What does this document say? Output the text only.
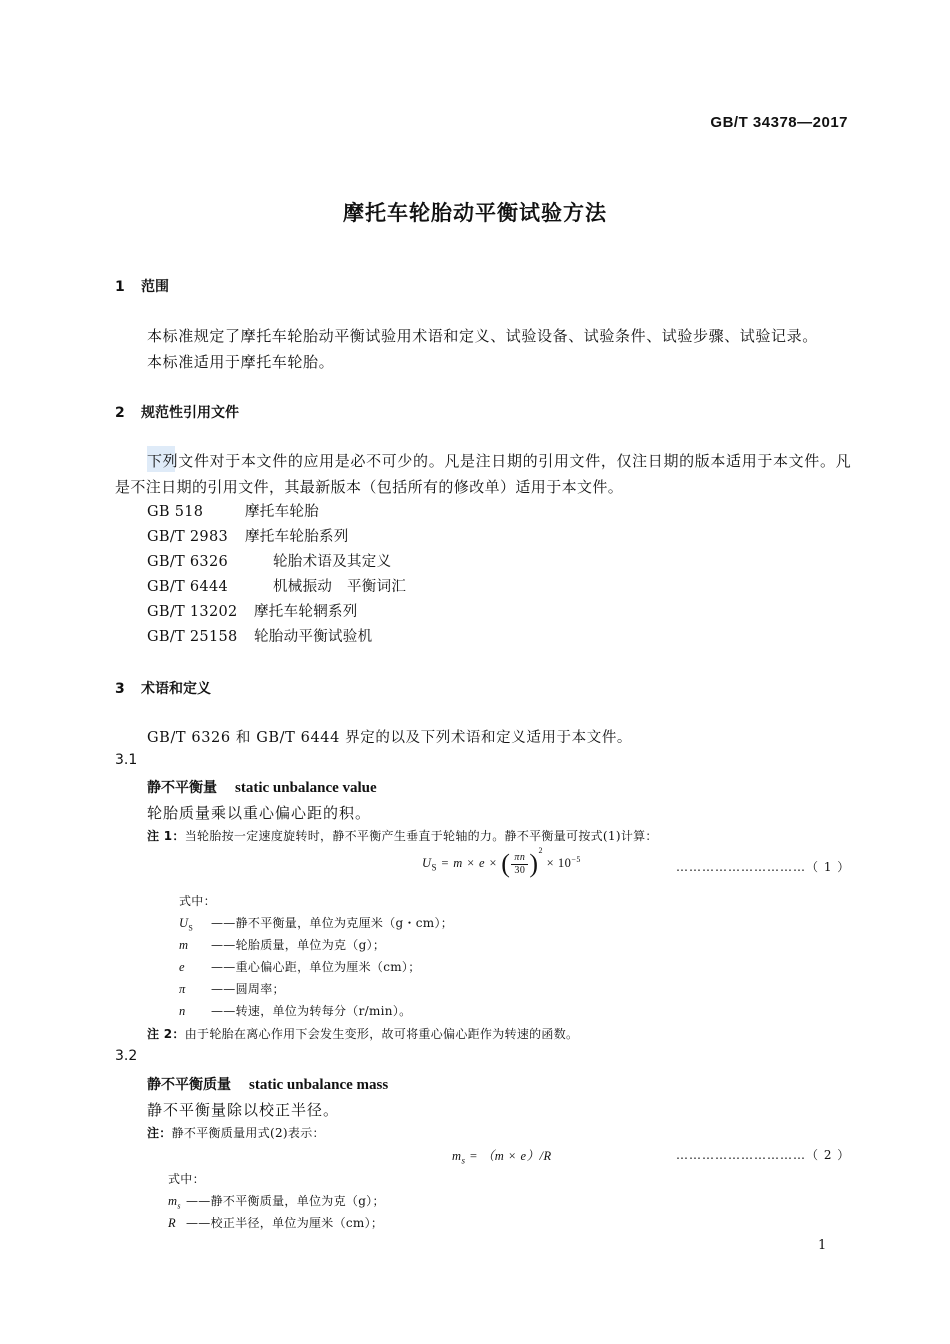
GB/T 34378—2017
摩托车轮胎动平衡试验方法
1 范围
本标准规定了摩托车轮胎动平衡试验用术语和定义、试验设备、试验条件、试验步骤、试验记录。
本标准适用于摩托车轮胎。
2 规范性引用文件
下列文件对于本文件的应用是必不可少的。凡是注日期的引用文件，仅注日期的版本适用于本文件。凡是不注日期的引用文件，其最新版本（包括所有的修改单）适用于本文件。
GB 518	摩托车轮胎
GB/T 2983 摩托车轮胎系列
GB/T 6326	轮胎术语及其定义
GB/T 6444	机械振动　平衡词汇
GB/T 13202 摩托车轮辋系列
GB/T 25158 轮胎动平衡试验机
3 术语和定义
GB/T 6326 和 GB/T 6444 界定的以及下列术语和定义适用于本文件。
3.1
静不平衡量 static unbalance value
轮胎质量乘以重心偏心距的积。
注 1：当轮胎按一定速度旋转时，静不平衡产生垂直于轮轴的力。静不平衡量可按式(1)计算：
$U_S = m \times e$ × ( $\frac{\pi n}{30} )^2 \times 10^{-5}$
…………………………（ 1 ）
式中：
$U_S$ ——静不平衡量，单位为克厘米（g・cm）；
m ——轮胎质量，单位为克（g）；
e ——重心偏心距，单位为厘米（cm）；
π ——圆周率；
n ——转速，单位为转每分（r/min）。
注 2：由于轮胎在离心作用下会发生变形，故可将重心偏心距作为转速的函数。
3.2
静不平衡质量 static unbalance mass
静不平衡量除以校正半径。
注：静不平衡质量用式(2)表示：
$m_s = (m \times e)/R$	…………………………（ 2 ）
式中：
$m_s$ ——静不平衡质量，单位为克（g）；
R ——校正半径，单位为厘米（cm）；
1
